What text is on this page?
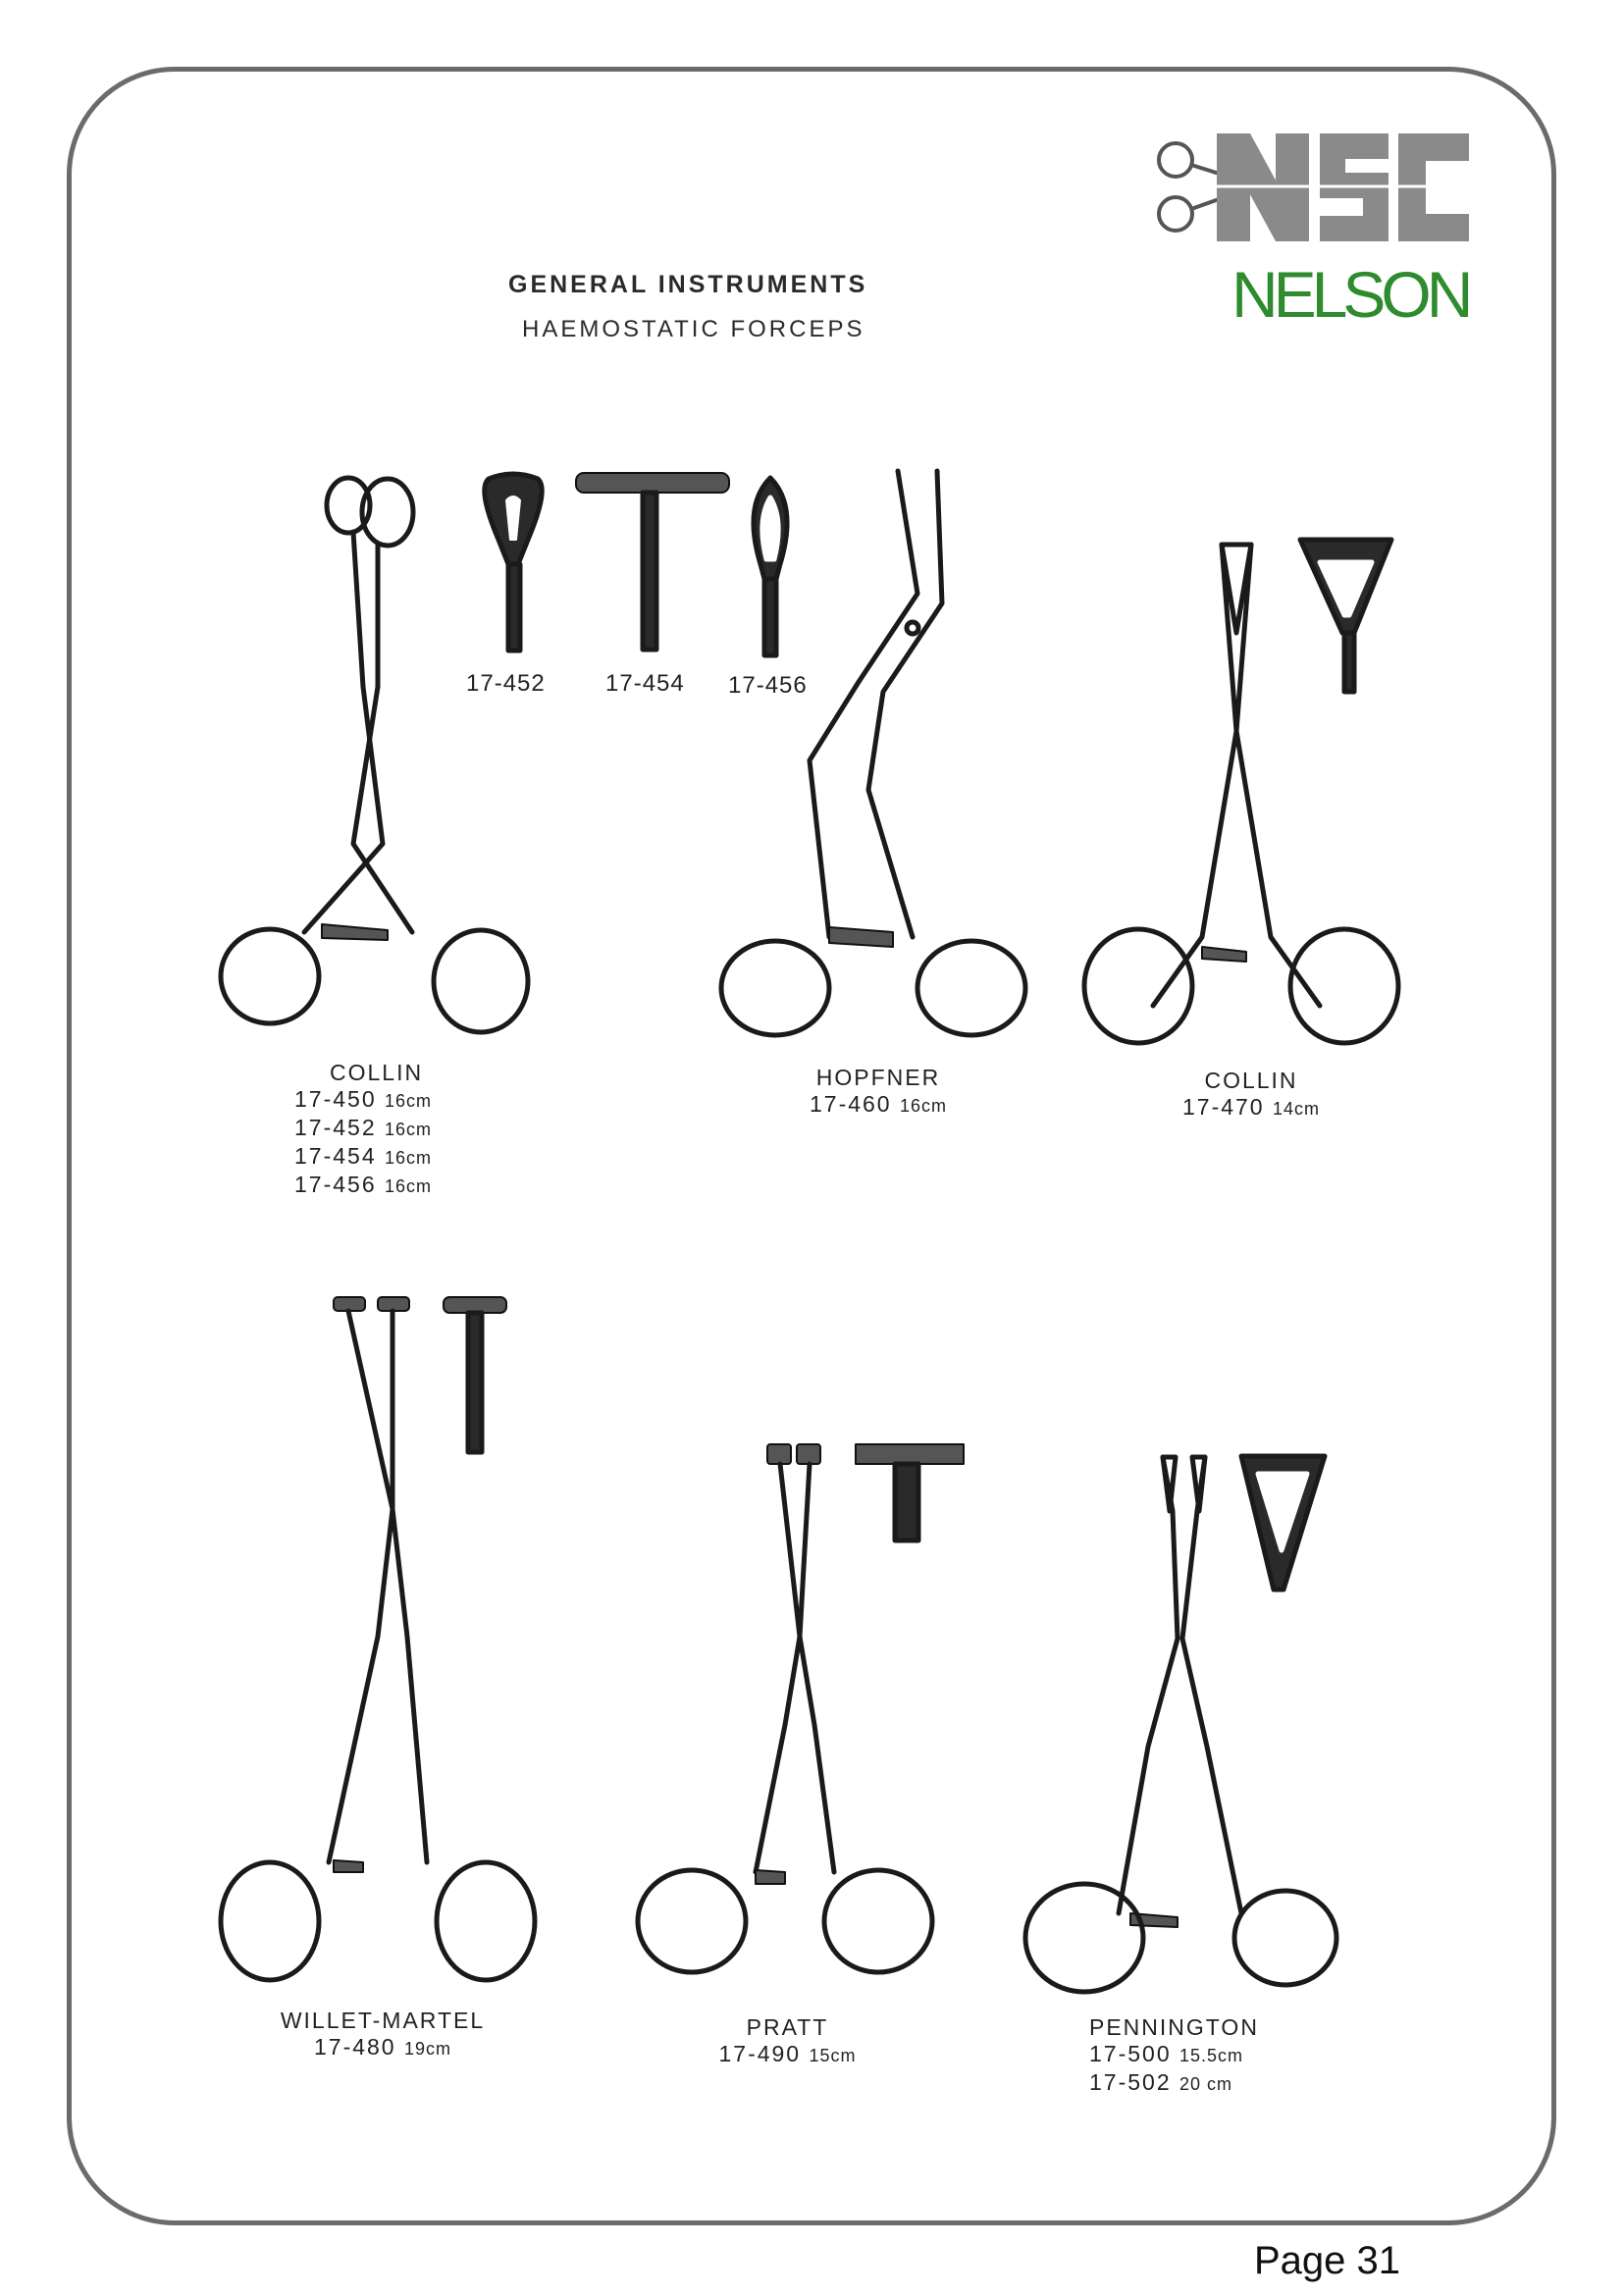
GENERAL INSTRUMENTS
HAEMOSTATIC FORCEPS	NELSON
17-452	17-454 17-456
COLLIN
17-450 16cm
17-452 16cm
17-454 16cm
17-456 16cm
HOPFNER
17-460 16cm
COLLIN
17-470 14cm
WILLET-MARTEL
17-480 19cm
PRATT
17-490 15cm
PENNINGTON
17-500 15.5cm
17-502 20 cm
Page 31
